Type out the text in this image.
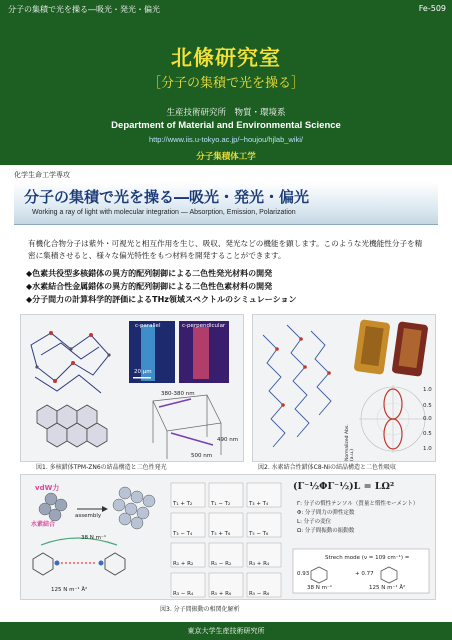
分子の集積で光を操る―吸光・発光・偏光	Fe-509
北條研究室
［分子の集積で光を操る］
生産技術研究所　物質・環境系
Department of Material and Environmental Science
http://www.iis.u-tokyo.ac.jp/~houjou/hjlab_wiki/
分子集積体工学
化学生命工学専攻
分子の集積で光を操る―吸光・発光・偏光
Working a ray of light with molecular integration — Absorption, Emission, Polarization
有機化合物分子は紫外・可視光と相互作用を生じ、吸収、発光などの機能を顕します。このような光機能性分子を精密に集積させると、様々な偏光特性をもつ材料を開発することができます。
◆色素共役型多核錯体の異方的配列制御による二色性発光材料の開発
◆水素結合性金属錯体の異方的配列制御による二色性色素材料の開発
◆分子間力の計算科学的評価によるTHz領域スペクトルのシミュレーション
c-parallel	c-perpendicular
20 μm
380-380 nm
490 nm
500 nm
図1. 多核錯体TPM-ZN6の結晶構造と二色性発光
Normalized Abs. (a.u.)
1.0
0.5
0.0
0.5
1.0
図2. 水素結合性錯体C8-Niの結晶構造と二色性吸収
vdW力
水素結合
assembly
38 N m⁻¹
125 N m⁻¹ Å²
T₁ + T₂	T₁ − T₂	T₃ + T₄
T₃ − T₄	T₅ + T₆	T₅ − T₆
R₁ + R₂	R₁ − R₂	R₃ + R₄
R₃ − R₄	R₅ + R₆	R₅ − R₆
(Γ⁻½ΦΓ⁻½)L = LΩ²
Γ: 分子の慣性テンソル（質量と慣性モーメント）
Φ: 分子間力の弾性定数
L: 分子の変位
Ω: 分子間振動の振動数
Strech mode (ν = 109 cm⁻¹) =
0.93	+ 0.77
38 N m⁻¹	125 N m⁻¹ Å²
図3. 分子間振動の相関化解析
東京大学生産技術研究所
